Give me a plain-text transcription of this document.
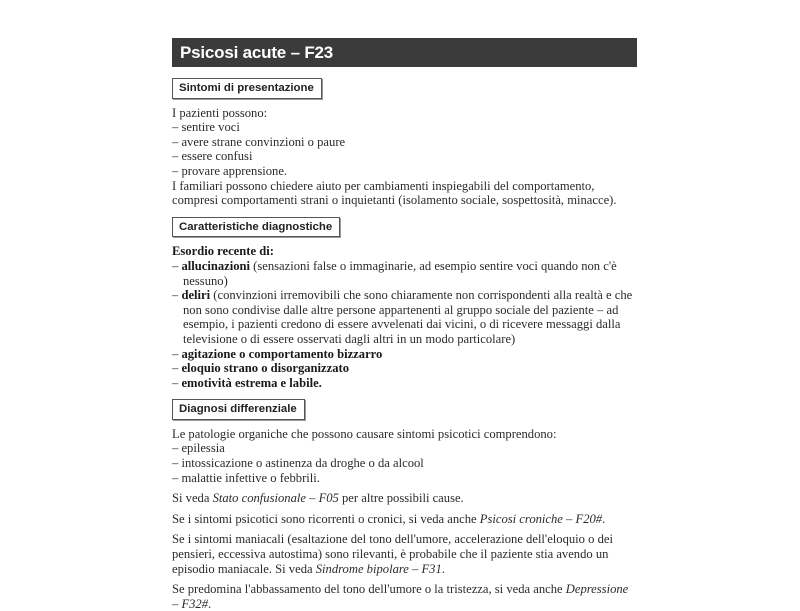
Psicosi acute – F23
Sintomi di presentazione
I pazienti possono:
– sentire voci
– avere strane convinzioni o paure
– essere confusi
– provare apprensione.

I familiari possono chiedere aiuto per cambiamenti inspiegabili del comportamento, compresi comportamenti strani o inquietanti (isolamento sociale, sospettosità, minacce).

Caratteristiche diagnostiche
Esordio recente di:

– allucinazioni (sensazioni false o immaginarie, ad esempio sentire voci quando non c'è nessuno)

– deliri (convinzioni irremovibili che sono chiaramente non corrispondenti alla realtà e che non sono condivise dalle altre persone appartenenti al gruppo sociale del paziente – ad esempio, i pazienti credono di essere avvelenati dai vicini, o di ricevere messaggi dalla televisione o di essere osservati dagli altri in un modo particolare)

– agitazione o comportamento bizzarro
– eloquio strano o disorganizzato
– emotività estrema e labile.
Diagnosi differenziale
Le patologie organiche che possono causare sintomi psicotici comprendono:
– epilessia
– intossicazione o astinenza da droghe o da alcool
– malattie infettive o febbrili.

Si veda Stato confusionale – F05 per altre possibili cause.

Se i sintomi psicotici sono ricorrenti o cronici, si veda anche Psicosi croniche – F20#.

Se i sintomi maniacali (esaltazione del tono dell'umore, accelerazione dell'eloquio o dei pensieri, eccessiva autostima) sono rilevanti, è probabile che il paziente stia avendo un episodio maniacale. Si veda Sindrome bipolare – F31.

Se predomina l'abbassamento del tono dell'umore o la tristezza, si veda anche Depressione – F32#.
